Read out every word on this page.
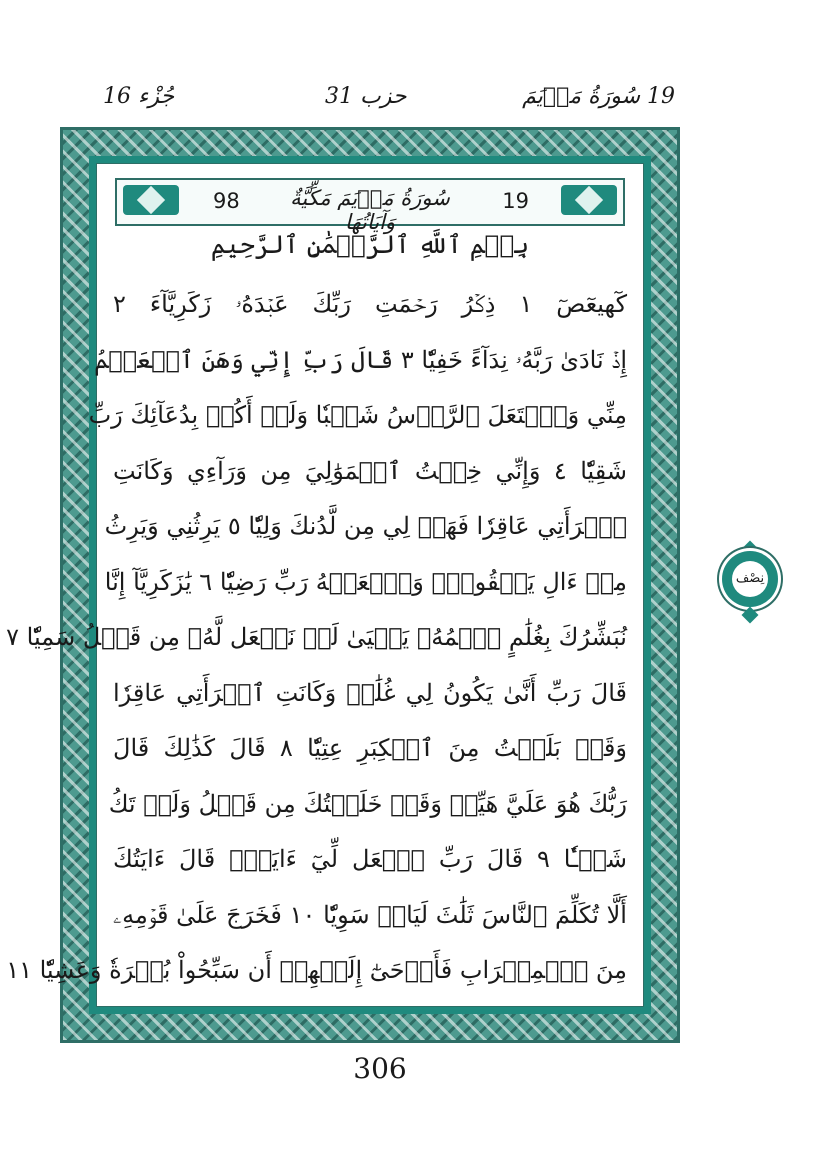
19 سُورَةُ مَرۡيَمَ
حزب 31
جُزْء 16
98	سُورَةُ مَرۡيَمَ مَكِّيَّةٌ وَآيَاتُهَا
19
بِسۡمِ ٱللَّهِ ٱلرَّحۡمَٰنِ ٱلرَّحِيمِ
كٓهيعٓصٓ ١ ذِكۡرُ رَحۡمَتِ رَبِّكَ عَبۡدَهُۥ زَكَرِيَّآءَ ٢
إِذۡ نَادَىٰ رَبَّهُۥ نِدَآءً خَفِيّٗا ٣ قَالَ رَبِّ إِنِّي وَهَنَ ٱلۡعَظۡمُ
مِنِّي وَٱشۡتَعَلَ ٱلرَّأۡسُ شَيۡبٗا وَلَمۡ أَكُنۢ بِدُعَآئِكَ رَبِّ
شَقِيّٗا ٤ وَإِنِّي خِفۡتُ ٱلۡمَوَٰلِيَ مِن وَرَآءِي وَكَانَتِ
ٱمۡرَأَتِي عَاقِرٗا فَهَبۡ لِي مِن لَّدُنكَ وَلِيّٗا ٥ يَرِثُنِي وَيَرِثُ
مِنۡ ءَالِ يَعۡقُوبَۖ وَٱجۡعَلۡهُ رَبِّ رَضِيّٗا ٦ يَٰزَكَرِيَّآ إِنَّا
نُبَشِّرُكَ بِغُلَٰمٍ ٱسۡمُهُۥ يَحۡيَىٰ لَمۡ نَجۡعَل لَّهُۥ مِن قَبۡلُ سَمِيّٗا ٧
قَالَ رَبِّ أَنَّىٰ يَكُونُ لِي غُلَٰمٞ وَكَانَتِ ٱمۡرَأَتِي عَاقِرٗا
وَقَدۡ بَلَغۡتُ مِنَ ٱلۡكِبَرِ عِتِيّٗا ٨ قَالَ كَذَٰلِكَ قَالَ
رَبُّكَ هُوَ عَلَيَّ هَيِّنٞ وَقَدۡ خَلَقۡتُكَ مِن قَبۡلُ وَلَمۡ تَكُ
شَيۡـٔٗا ٩ قَالَ رَبِّ ٱجۡعَل لِّيٓ ءَايَةٗۖ قَالَ ءَايَتُكَ
أَلَّا تُكَلِّمَ ٱلنَّاسَ ثَلَٰثَ لَيَالٖ سَوِيّٗا ١٠ فَخَرَجَ عَلَىٰ قَوۡمِهِۦ
مِنَ ٱلۡمِحۡرَابِ فَأَوۡحَىٰٓ إِلَيۡهِمۡ أَن سَبِّحُواْ بُكۡرَةٗ وَعَشِيّٗا ١١
نِصْف
306
